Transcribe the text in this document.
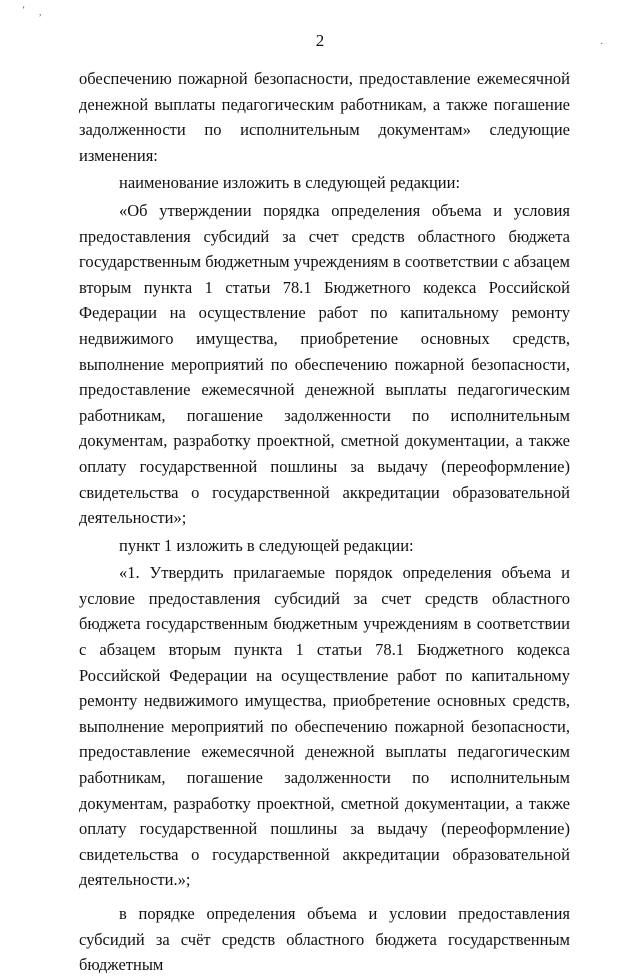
‘ ,
·
2

обеспечению пожарной безопасности, предоставление ежемесячной денежной выплаты педагогическим работникам, а также погашение задолженности по исполнительным документам» следующие изменения:

наименование изложить в следующей редакции:

«Об утверждении порядка определения объема и условия предоставления субсидий за счет средств областного бюджета государственным бюджетным учреждениям в соответствии с абзацем вторым пункта 1 статьи 78.1 Бюджетного кодекса Российской Федерации на осуществление работ по капитальному ремонту недвижимого имущества, приобретение основных средств, выполнение мероприятий по обеспечению пожарной безопасности, предоставление ежемесячной денежной выплаты педагогическим работникам, погашение задолженности по исполнительным документам, разработку проектной, сметной документации, а также оплату государственной пошлины за выдачу (переоформление) свидетельства о государственной аккредитации образовательной деятельности»;

пункт 1 изложить в следующей редакции:

«1. Утвердить прилагаемые порядок определения объема и условие предоставления субсидий за счет средств областного бюджета государственным бюджетным учреждениям в соответствии с абзацем вторым пункта 1 статьи 78.1 Бюджетного кодекса Российской Федерации на осуществление работ по капитальному ремонту недвижимого имущества, приобретение основных средств, выполнение мероприятий по обеспечению пожарной безопасности, предоставление ежемесячной денежной выплаты педагогическим работникам, погашение задолженности по исполнительным документам, разработку проектной, сметной документации, а также оплату государственной пошлины за выдачу (переоформление) свидетельства о государственной аккредитации образовательной деятельности.»;

в порядке определения объема и условии предоставления субсидий за счёт средств областного бюджета государственным бюджетным
